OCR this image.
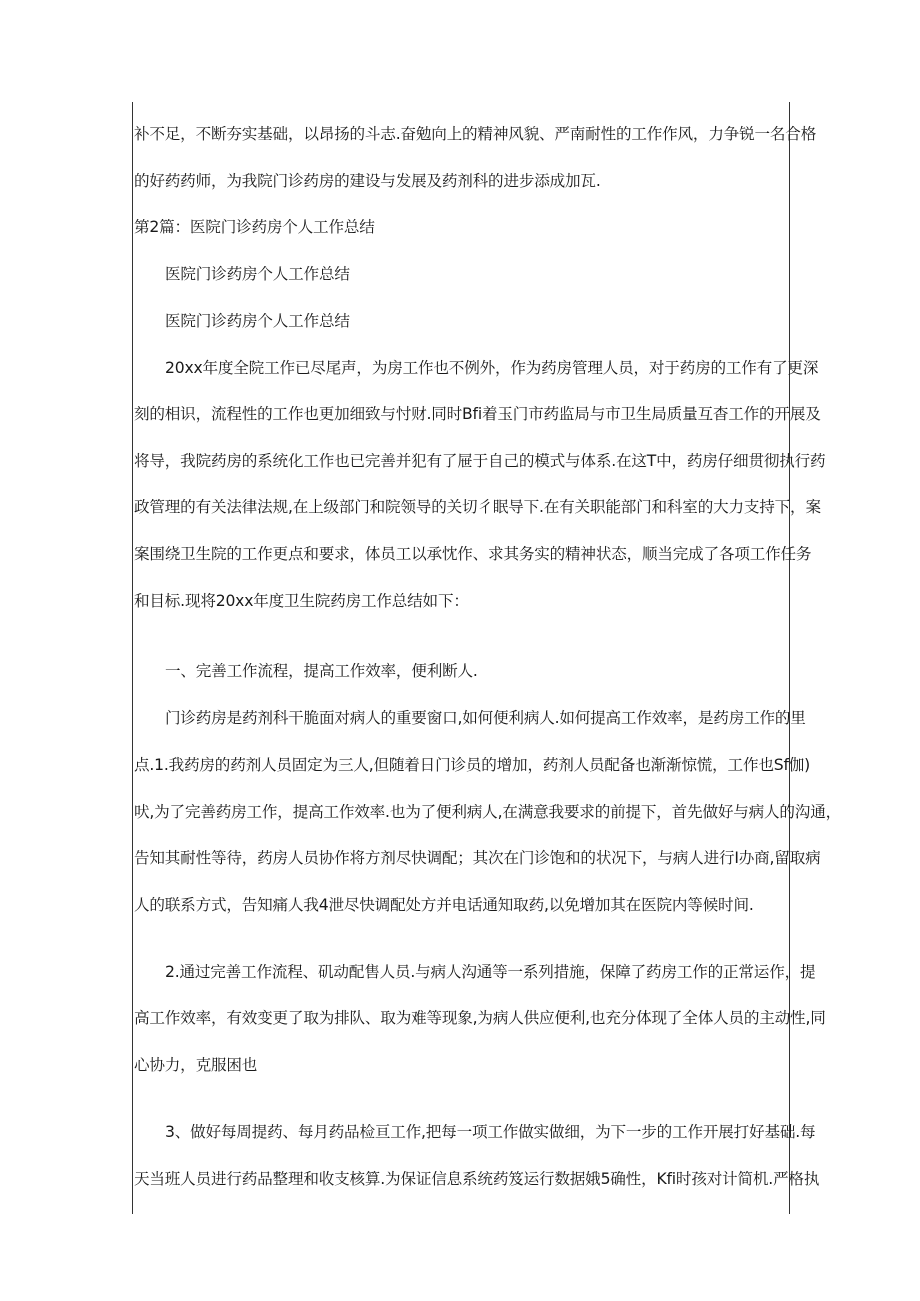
补不足，不断夯实基础，以昂扬的斗志.奋勉向上的精神风貌、严南耐性的工作作风，力争锐一名合格
的好药药师，为我院门诊药房的建设与发展及药剂科的进步添成加瓦.
第2篇：医院门诊药房个人工作总结
医院门诊药房个人工作总结
医院门诊药房个人工作总结
20xx年度全院工作已尽尾声，为房工作也不例外，作为药房管理人员，对于药房的工作有了更深
刻的相识，流程性的工作也更加细致与忖财.同时Bfi着玉门市药监局与市卫生局质量互杳工作的开展及
将导，我院药房的系统化工作也已完善并犯有了屉于自己的模式与体系.在这T中，药房仔细贯彻执行药
政管理的有关法律法规,在上级部门和院领导的关切彳眠导下.在有关职能部门和科室的大力支持下，案
案围绕卫生院的工作更点和要求，体员工以承忱作、求其务实的精神状态，顺当完成了各项工作任务
和目标.现将20xx年度卫生院药房工作总结如下：
一、完善工作流程，提高工作效率，便利断人.
门诊药房是药剂科干脆面对病人的重要窗口,如何便利病人.如何提高工作效率，是药房工作的里
点.1.我药房的药剂人员固定为三人,但随着日门诊员的增加，药剂人员配备也渐渐惊慌，工作也Sf伽)
吠,为了完善药房工作，提高工作效率.也为了便利病人,在满意我要求的前提下，首先做好与病人的沟通，
告知其耐性等待，药房人员协作将方剂尽快调配；其次在门诊饱和的状况下，与病人进行I办商,留取病
人的联系方式，告知痛人我4泄尽快调配处方并电话通知取药,以免增加其在医院内等候时间.
2.通过完善工作流程、矶动配售人员.与病人沟通等一系列措施，保障了药房工作的正常运作，提
高工作效率，有效变更了取为排队、取为难等现象,为病人供应便利,也充分体现了全体人员的主动性,同
心协力，克服困也
3、做好每周提药、每月药品检亘工作,把每一项工作做实做细，为下一步的工作开展打好基础.每
天当班人员进行药品整理和收支核算.为保证信息系统药笈运行数据娥5确性，Kfi时孩对计简机.严格执
